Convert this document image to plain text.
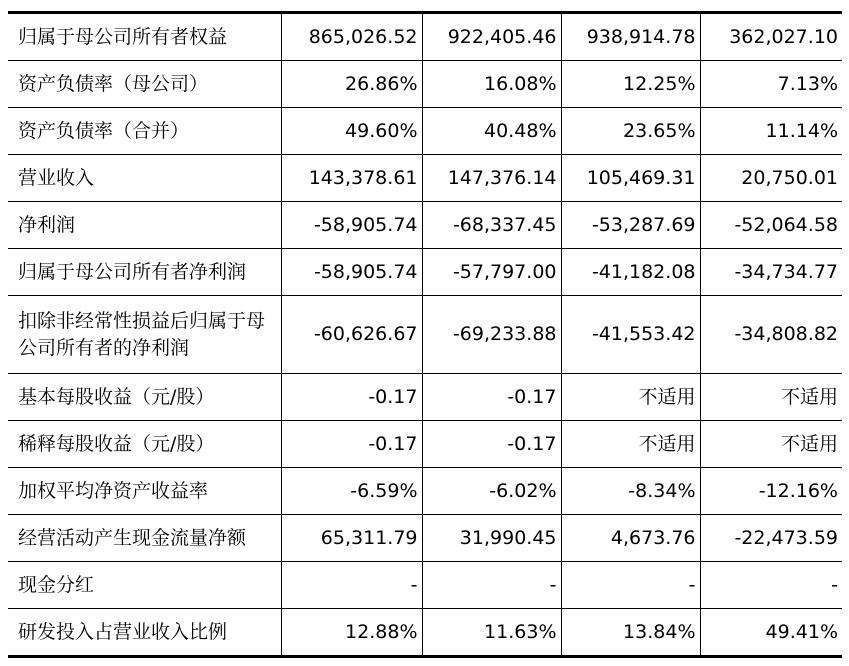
归属于母公司所有者权益	865,026.52	922,405.46	938,914.78	362,027.10
资产负债率（母公司）	26.86%	16.08%	12.25%	7.13%
资产负债率（合并）	49.60%	40.48%	23.65%	11.14%
营业收入	143,378.61	147,376.14	105,469.31	20,750.01
净利润	-58,905.74	-68,337.45	-53,287.69	-52,064.58
归属于母公司所有者净利润	-58,905.74	-57,797.00	-41,182.08	-34,734.77
扣除非经常性损益后归属于母公司所有者的净利润	-60,626.67	-69,233.88	-41,553.42	-34,808.82
基本每股收益（元/股）	-0.17	-0.17	不适用	不适用
稀释每股收益（元/股）	-0.17	-0.17	不适用	不适用
加权平均净资产收益率	-6.59%	-6.02%	-8.34%	-12.16%
经营活动产生现金流量净额	65,311.79	31,990.45	4,673.76	-22,473.59
现金分红	-	-	-	-
研发投入占营业收入比例	12.88%	11.63%	13.84%	49.41%
